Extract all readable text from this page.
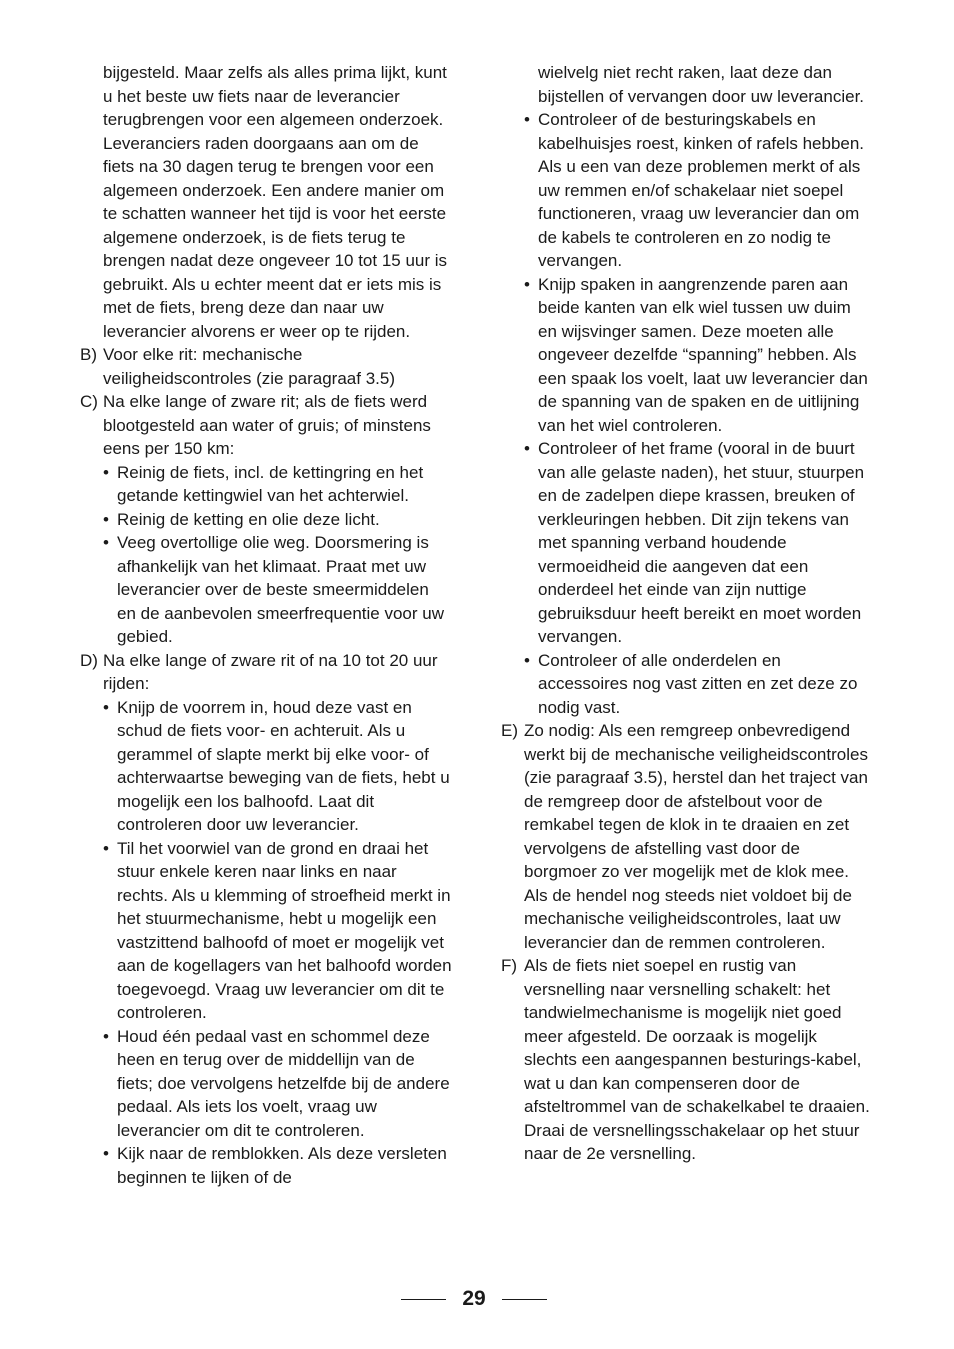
bijgesteld. Maar zelfs als alles prima lijkt, kunt u het beste uw fiets naar de leverancier terugbrengen voor een algemeen onderzoek. Leveranciers raden doorgaans aan om de fiets na 30 dagen terug te brengen voor een algemeen onderzoek. Een andere manier om te schatten wanneer het tijd is voor het eerste algemene onderzoek, is de fiets terug te brengen nadat deze ongeveer 10 tot 15 uur is gebruikt. Als u echter meent dat er iets mis is met de fiets, breng deze dan naar uw leverancier alvorens er weer op te rijden.

B) Voor elke rit: mechanische veiligheidscontroles (zie paragraaf 3.5)

C) Na elke lange of zware rit; als de fiets werd blootgesteld aan water of gruis; of minstens eens per 150 km:

• Reinig de fiets, incl. de kettingring en het getande kettingwiel van het achterwiel.

• Reinig de ketting en olie deze licht.

• Veeg overtollige olie weg. Doorsmering is afhankelijk van het klimaat. Praat met uw leverancier over de beste smeermiddelen en de aanbevolen smeerfrequentie voor uw gebied.

D) Na elke lange of zware rit of na 10 tot 20 uur rijden:

• Knijp de voorrem in, houd deze vast en schud de fiets voor- en achteruit. Als u gerammel of slapte merkt bij elke voor- of achterwaartse beweging van de fiets, hebt u mogelijk een los balhoofd. Laat dit controleren door uw leverancier.

• Til het voorwiel van de grond en draai het stuur enkele keren naar links en naar rechts. Als u klemming of stroefheid merkt in het stuurmechanisme, hebt u mogelijk een vastzittend balhoofd of moet er mogelijk vet aan de kogellagers van het balhoofd worden toegevoegd. Vraag uw leverancier om dit te controleren.

• Houd één pedaal vast en schommel deze heen en terug over de middellijn van de fiets; doe vervolgens hetzelfde bij de andere pedaal. Als iets los voelt, vraag uw leverancier om dit te controleren.

• Kijk naar de remblokken. Als deze versleten beginnen te lijken of de

wielvelg niet recht raken, laat deze dan bijstellen of vervangen door uw leverancier.

• Controleer of de besturingskabels en kabelhuisjes roest, kinken of rafels hebben. Als u een van deze problemen merkt of als uw remmen en/of schakelaar niet soepel functioneren, vraag uw leverancier dan om de kabels te controleren en zo nodig te vervangen.

• Knijp spaken in aangrenzende paren aan beide kanten van elk wiel tussen uw duim en wijsvinger samen. Deze moeten alle ongeveer dezelfde “spanning” hebben. Als een spaak los voelt, laat uw leverancier dan de spanning van de spaken en de uitlijning van het wiel controleren.

• Controleer of het frame (vooral in de buurt van alle gelaste naden), het stuur, stuurpen en de zadelpen diepe krassen, breuken of verkleuringen hebben. Dit zijn tekens van met spanning verband houdende vermoeidheid die aangeven dat een onderdeel het einde van zijn nuttige gebruiksduur heeft bereikt en moet worden vervangen.

• Controleer of alle onderdelen en accessoires nog vast zitten en zet deze zo nodig vast.

E) Zo nodig: Als een remgreep onbevredigend werkt bij de mechanische veiligheidscontroles (zie paragraaf 3.5), herstel dan het traject van de remgreep door de afstelbout voor de remkabel tegen de klok in te draaien en zet vervolgens de afstelling vast door de borgmoer zo ver mogelijk met de klok mee. Als de hendel nog steeds niet voldoet bij de mechanische veiligheidscontroles, laat uw leverancier dan de remmen controleren.

F) Als de fiets niet soepel en rustig van versnelling naar versnelling schakelt: het tandwielmechanisme is mogelijk niet goed meer afgesteld. De oorzaak is mogelijk slechts een aangespannen besturings-kabel, wat u dan kan compenseren door de afsteltrommel van de schakelkabel te draaien. Draai de versnellingsschakelaar op het stuur naar de 2e versnelling.

29
